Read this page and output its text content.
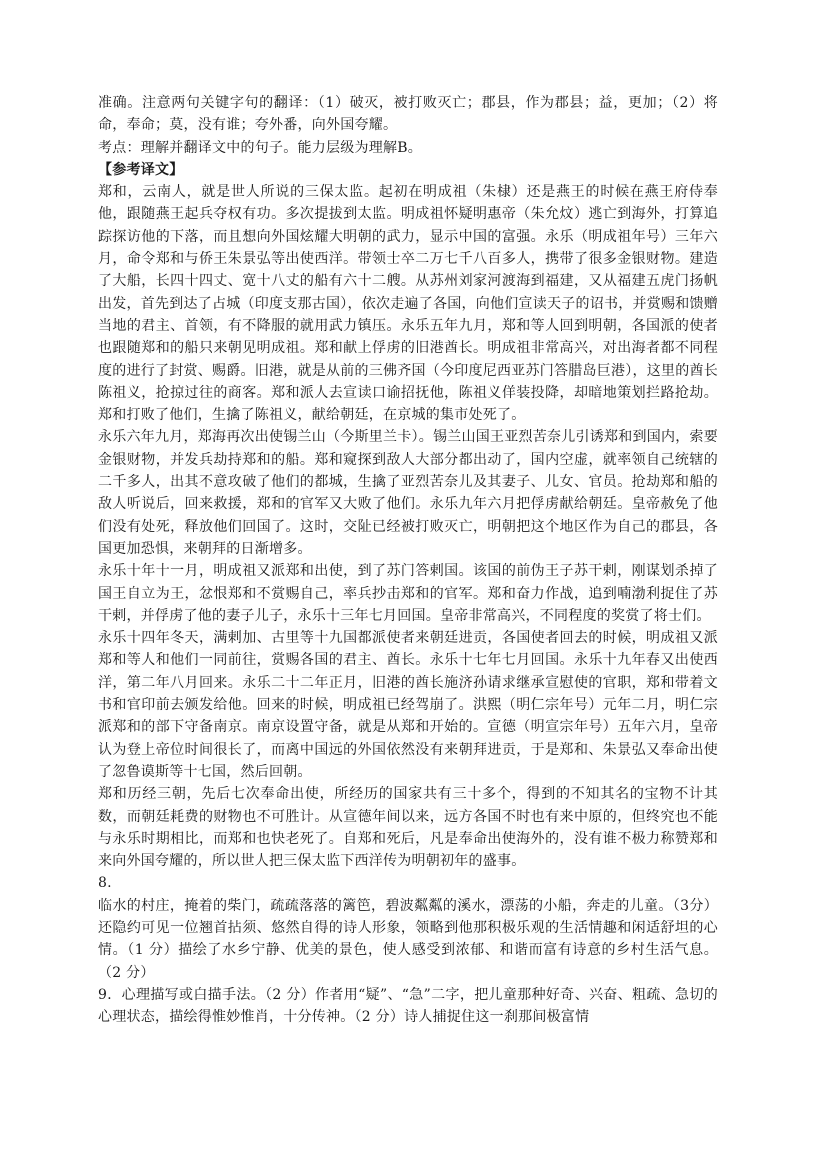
准确。注意两句关键字句的翻译：（1）破灭，被打败灭亡；郡县，作为郡县；益，更加；（2）将命，奉命；莫，没有谁；夸外番，向外国夸耀。

考点：理解并翻译文中的句子。能力层级为理解B。

【参考译文】

郑和，云南人，就是世人所说的三保太监。起初在明成祖（朱棣）还是燕王的时候在燕王府侍奉他，跟随燕王起兵夺权有功。多次提拔到太监。明成祖怀疑明惠帝（朱允炆）逃亡到海外，打算追踪探访他的下落，而且想向外国炫耀大明朝的武力，显示中国的富强。永乐（明成祖年号）三年六月，命令郑和与侨王朱景弘等出使西洋。带领士卒二万七千八百多人，携带了很多金银财物。建造了大船，长四十四丈、宽十八丈的船有六十二艘。从苏州刘家河渡海到福建，又从福建五虎门扬帆出发，首先到达了占城（印度支那古国），依次走遍了各国，向他们宣读天子的诏书，并赏赐和馈赠当地的君主、首领，有不降服的就用武力镇压。永乐五年九月，郑和等人回到明朝，各国派的使者也跟随郑和的船只来朝见明成祖。郑和献上俘虏的旧港酋长。明成祖非常高兴，对出海者都不同程度的进行了封赏、赐爵。旧港，就是从前的三佛齐国（今印度尼西亚苏门答腊岛巨港），这里的酋长陈祖义，抢掠过往的商客。郑和派人去宣读口谕招抚他，陈祖义佯装投降，却暗地策划拦路抢劫。郑和打败了他们，生擒了陈祖义，献给朝廷，在京城的集市处死了。

永乐六年九月，郑海再次出使锡兰山（今斯里兰卡）。锡兰山国王亚烈苦奈儿引诱郑和到国内，索要金银财物，并发兵劫持郑和的船。郑和窥探到敌人大部分都出动了，国内空虚，就率领自己统辖的二千多人，出其不意攻破了他们的都城，生擒了亚烈苦奈儿及其妻子、儿女、官员。抢劫郑和船的敌人听说后，回来救援，郑和的官军又大败了他们。永乐九年六月把俘虏献给朝廷。皇帝赦免了他们没有处死，释放他们回国了。这时，交阯已经被打败灭亡，明朝把这个地区作为自己的郡县，各国更加恐惧，来朝拜的日渐增多。

永乐十年十一月，明成祖又派郑和出使，到了苏门答剌国。该国的前伪王子苏干剌，刚谋划杀掉了国王自立为王，忿恨郑和不赏赐自己，率兵抄击郑和的官军。郑和奋力作战，追到喃渤利捉住了苏干剌，并俘虏了他的妻子儿子，永乐十三年七月回国。皇帝非常高兴，不同程度的奖赏了将士们。

永乐十四年冬天，满剌加、古里等十九国都派使者来朝廷进贡，各国使者回去的时候，明成祖又派郑和等人和他们一同前往，赏赐各国的君主、酋长。永乐十七年七月回国。永乐十九年春又出使西洋，第二年八月回来。永乐二十二年正月，旧港的酋长施济孙请求继承宣慰使的官职，郑和带着文书和官印前去颁发给他。回来的时候，明成祖已经驾崩了。洪熙（明仁宗年号）元年二月，明仁宗派郑和的部下守备南京。南京设置守备，就是从郑和开始的。宣德（明宣宗年号）五年六月，皇帝认为登上帝位时间很长了，而离中国远的外国依然没有来朝拜进贡，于是郑和、朱景弘又奉命出使了忽鲁谟斯等十七国，然后回朝。

郑和历经三朝，先后七次奉命出使，所经历的国家共有三十多个，得到的不知其名的宝物不计其数，而朝廷耗费的财物也不可胜计。从宣德年间以来，远方各国不时也有来中原的，但终究也不能与永乐时期相比，而郑和也快老死了。自郑和死后，凡是奉命出使海外的，没有谁不极力称赞郑和来向外国夸耀的，所以世人把三保太监下西洋传为明朝初年的盛事。

8.

临水的村庄，掩着的柴门，疏疏落落的篱笆，碧波粼粼的溪水，漂荡的小船，奔走的儿童。（3分）还隐约可见一位翘首拈须、悠然自得的诗人形象，领略到他那积极乐观的生活情趣和闲适舒坦的心情。（1 分）描绘了水乡宁静、优美的景色，使人感受到浓郁、和谐而富有诗意的乡村生活气息。（2 分）

9．心理描写或白描手法。（2 分）作者用“疑”、“急”二字，把儿童那种好奇、兴奋、粗疏、急切的心理状态，描绘得惟妙惟肖，十分传神。（2 分）诗人捕捉住这一刹那间极富情
